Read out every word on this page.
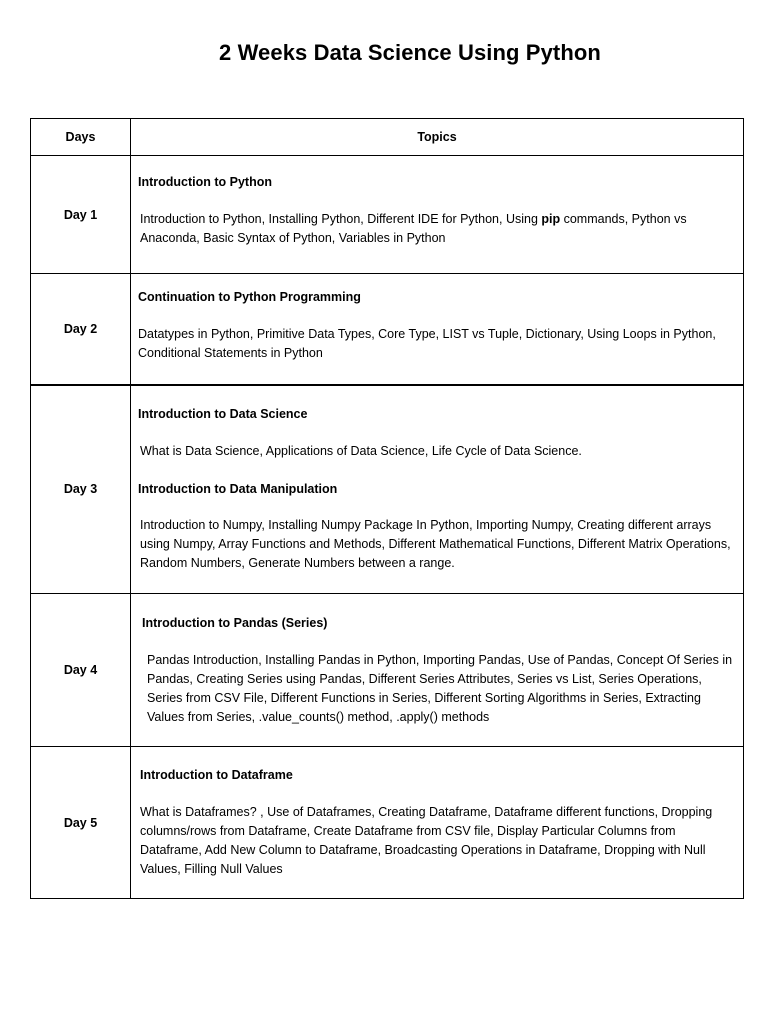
2 Weeks Data Science Using Python
Days	Topics
Day 1	Introduction to Python
Introduction to Python, Installing Python, Different IDE for Python, Using pip commands, Python vs Anaconda, Basic Syntax of Python, Variables in Python

Day 2	Continuation to Python Programming
Datatypes in Python, Primitive Data Types, Core Type, LIST vs Tuple, Dictionary, Using Loops in Python, Conditional Statements in Python

Day 3	Introduction to Data Science
What is Data Science, Applications of Data Science, Life Cycle of Data Science.
Introduction to Data Manipulation
Introduction to Numpy, Installing Numpy Package In Python, Importing Numpy, Creating different arrays using Numpy, Array Functions and Methods, Different Mathematical Functions, Different Matrix Operations, Random Numbers, Generate Numbers between a range.

Day 4	Introduction to Pandas (Series)
Pandas Introduction, Installing Pandas in Python, Importing Pandas, Use of Pandas, Concept Of Series in Pandas, Creating Series using Pandas, Different Series Attributes, Series vs List, Series Operations, Series from CSV File, Different Functions in Series, Different Sorting Algorithms in Series, Extracting Values from Series, .value_counts() method, .apply() methods

Day 5	Introduction to Dataframe
What is Dataframes? , Use of Dataframes, Creating Dataframe, Dataframe different functions, Dropping columns/rows from Dataframe, Create Dataframe from CSV file, Display Particular Columns from Dataframe, Add New Column to Dataframe, Broadcasting Operations in Dataframe, Dropping with Null Values, Filling Null Values
